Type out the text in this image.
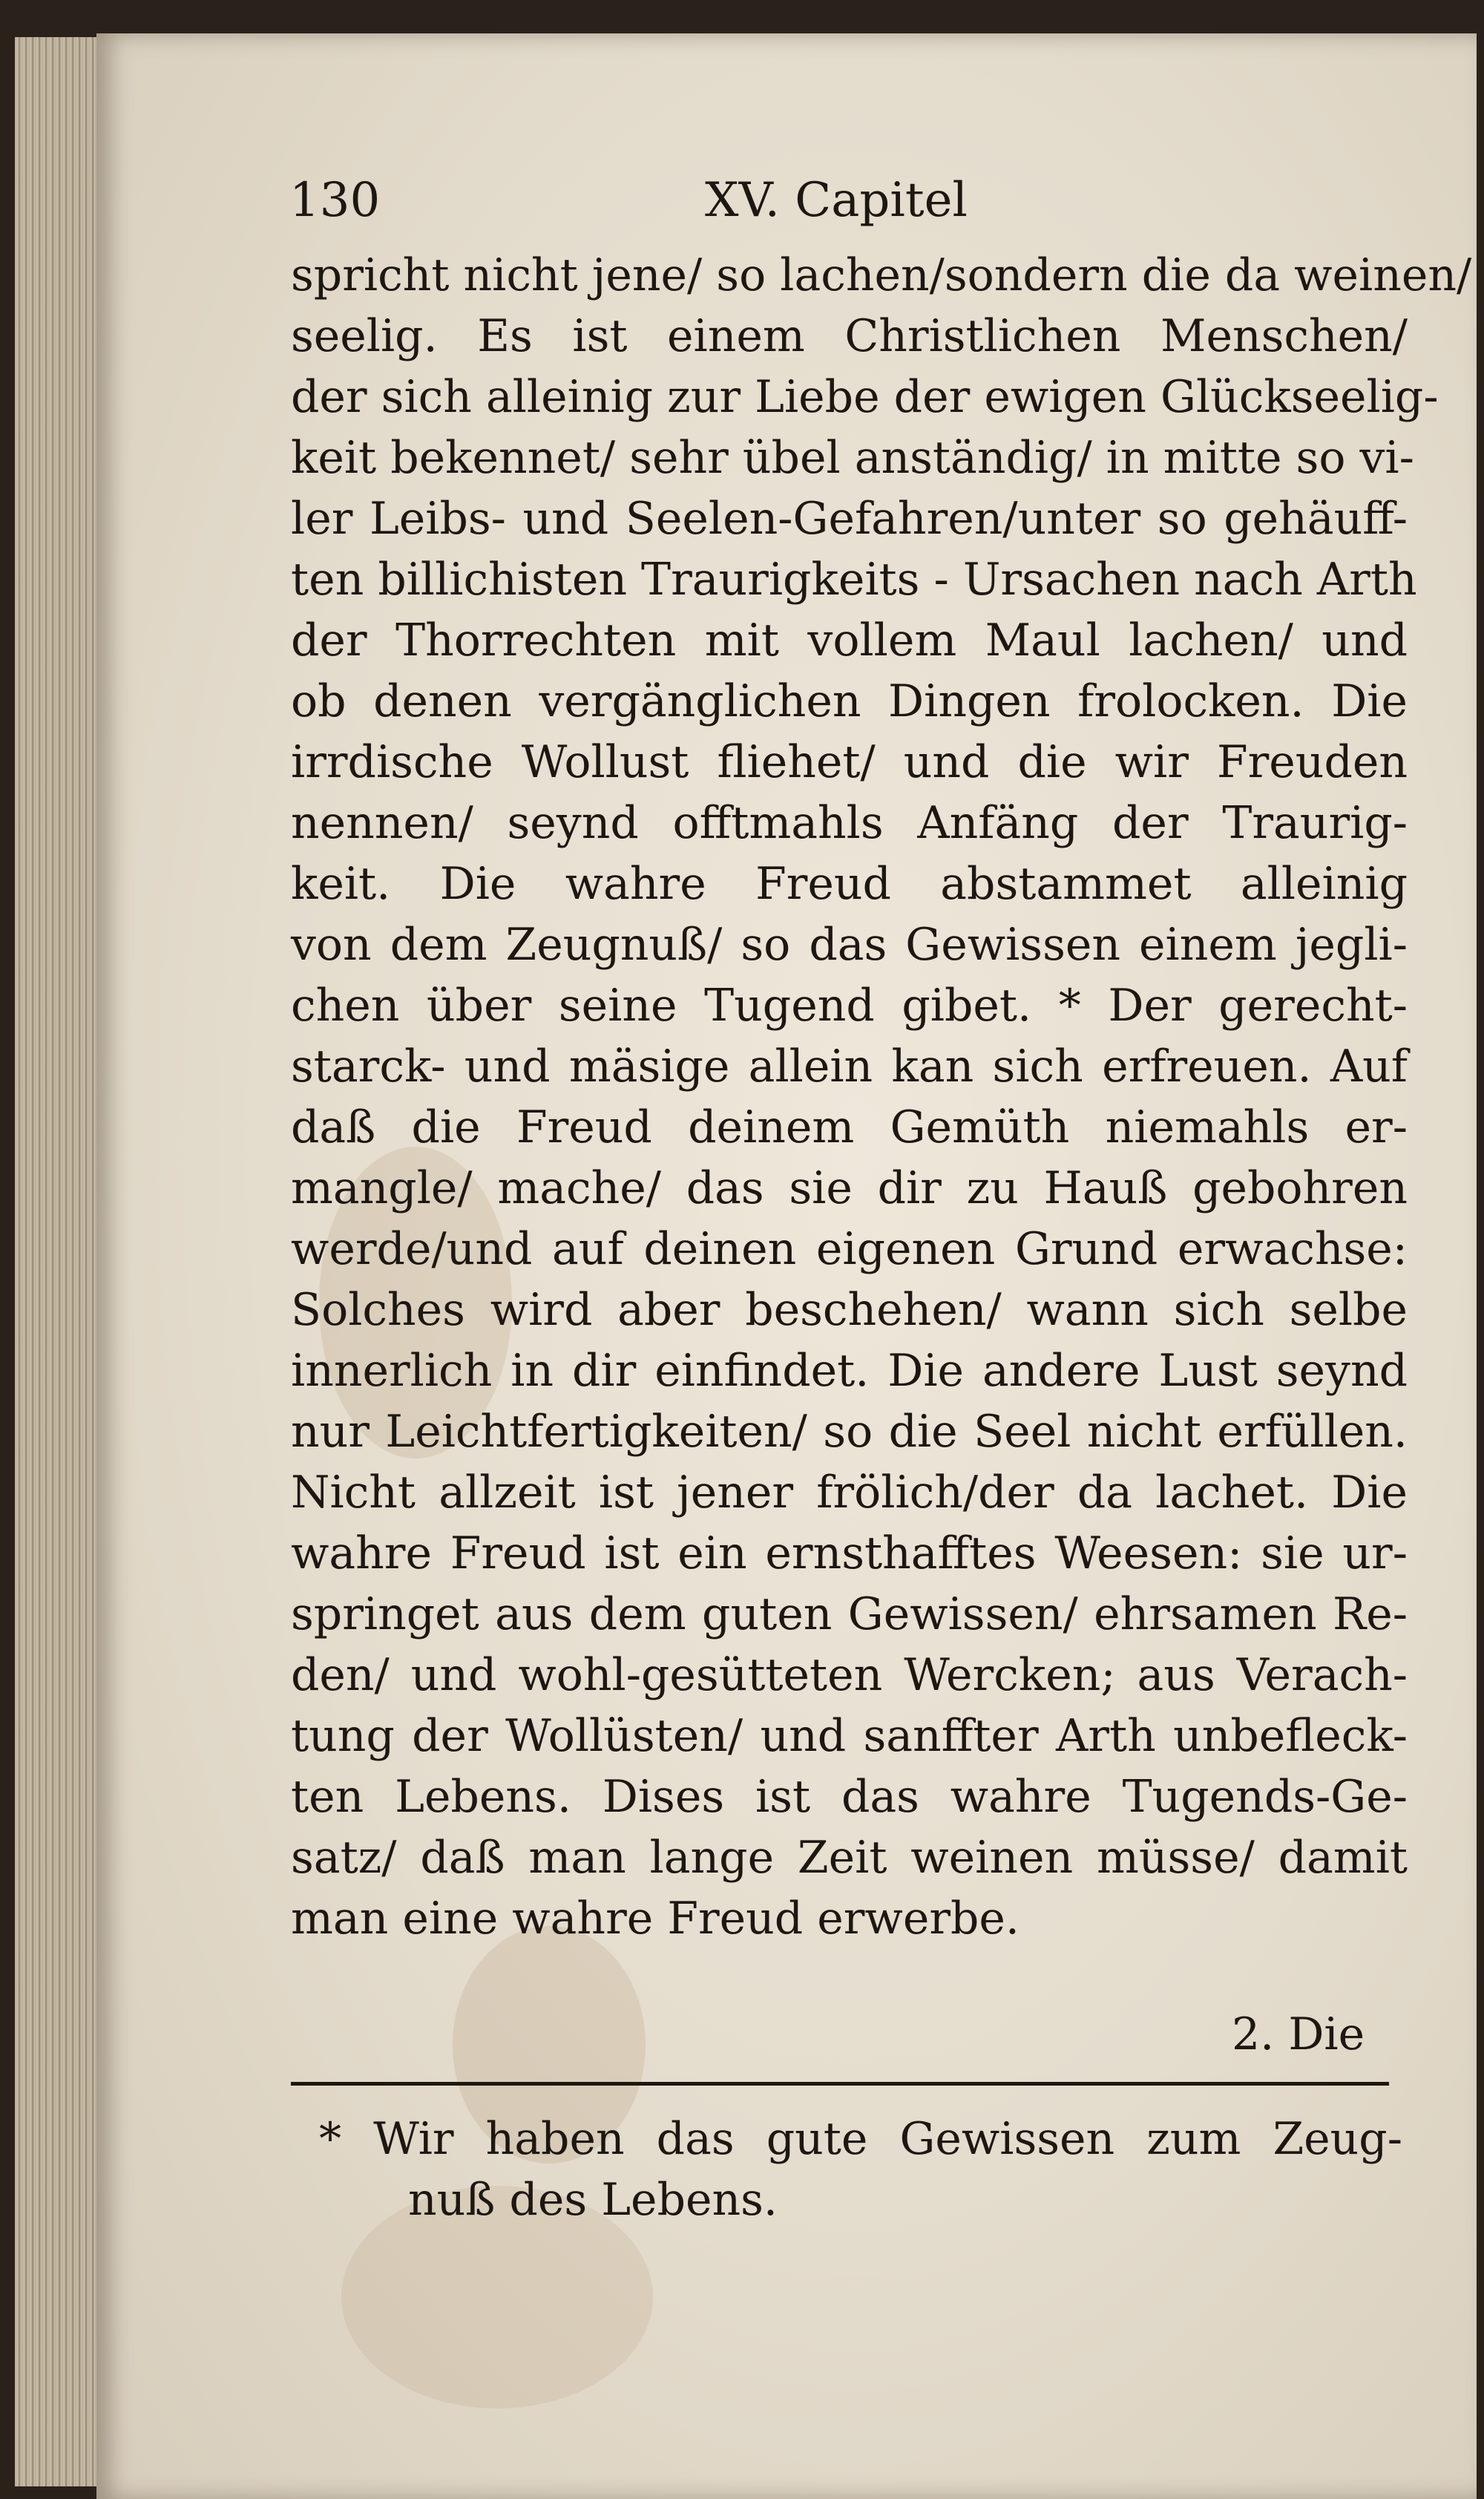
130	XV. Capitel
spricht nicht jene/ so lachen/sondern die da weinen/
seelig. Es ist einem Christlichen Menschen/
der sich alleinig zur Liebe der ewigen Glückseelig-
keit bekennet/ sehr übel anständig/ in mitte so vi-
ler Leibs- und Seelen-Gefahren/unter so gehäuff-
ten billichisten Traurigkeits - Ursachen nach Arth
der Thorrechten mit vollem Maul lachen/ und
ob denen vergänglichen Dingen frolocken. Die
irrdische Wollust fliehet/ und die wir Freuden
nennen/ seynd offtmahls Anfäng der Traurig-
keit. Die wahre Freud abstammet alleinig
von dem Zeugnuß/ so das Gewissen einem jegli-
chen über seine Tugend gibet. * Der gerecht-
starck- und mäsige allein kan sich erfreuen. Auf
daß die Freud deinem Gemüth niemahls er-
mangle/ mache/ das sie dir zu Hauß gebohren
werde/und auf deinen eigenen Grund erwachse:
Solches wird aber beschehen/ wann sich selbe
innerlich in dir einfindet. Die andere Lust seynd
nur Leichtfertigkeiten/ so die Seel nicht erfüllen.
Nicht allzeit ist jener frölich/der da lachet. Die
wahre Freud ist ein ernsthafftes Weesen: sie ur-
springet aus dem guten Gewissen/ ehrsamen Re-
den/ und wohl-gesütteten Wercken; aus Verach-
tung der Wollüsten/ und sanffter Arth unbefleck-
ten Lebens. Dises ist das wahre Tugends-Ge-
satz/ daß man lange Zeit weinen müsse/ damit
man eine wahre Freud erwerbe.
2. Die
* Wir haben das gute Gewissen zum Zeug-
nuß des Lebens.
